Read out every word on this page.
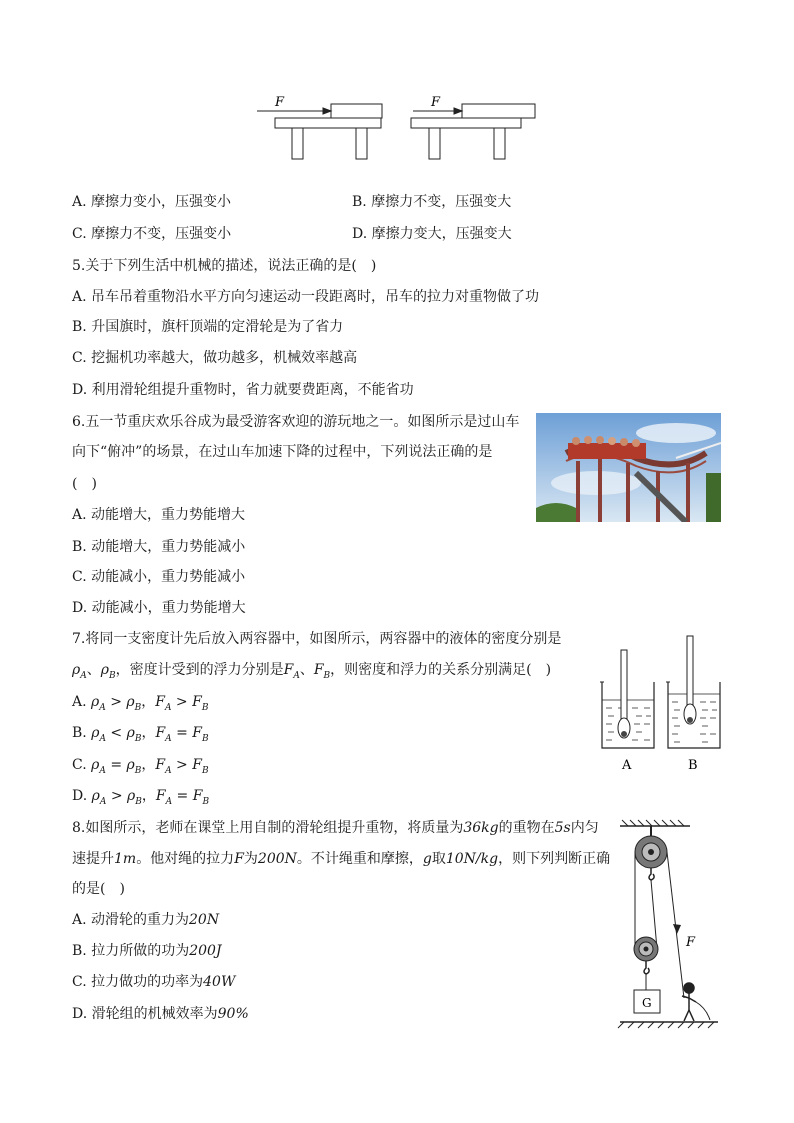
F	F
A. 摩擦力变小，压强变小	B. 摩擦力不变，压强变大
C. 摩擦力不变，压强变小	D. 摩擦力变大，压强变大
5.关于下列生活中机械的描述，说法正确的是(　)
A. 吊车吊着重物沿水平方向匀速运动一段距离时，吊车的拉力对重物做了功
B. 升国旗时，旗杆顶端的定滑轮是为了省力
C. 挖掘机功率越大，做功越多，机械效率越高
D. 利用滑轮组提升重物时，省力就要费距离，不能省功
6.五一节重庆欢乐谷成为最受游客欢迎的游玩地之一。如图所示是过山车
向下“俯冲”的场景，在过山车加速下降的过程中，下列说法正确的是
(　)
A. 动能增大，重力势能增大
B. 动能增大，重力势能减小
C. 动能减小，重力势能减小
D. 动能减小，重力势能增大
7.将同一支密度计先后放入两容器中，如图所示，两容器中的液体的密度分别是
$\rho_A$、$\rho_B$，密度计受到的浮力分别是$F_A$、$F_B$，则密度和浮力的关系分别满足(　)
A. $\rho_A > \rho_B$，$F_A > F_B$
B. $\rho_A < \rho_B$，$F_A = F_B$
C. $\rho_A = \rho_B$，$F_A > F_B$
D. $\rho_A > \rho_B$，$F_A = F_B$
A	B
8.如图所示，老师在课堂上用自制的滑轮组提升重物，将质量为36kg的重物在5s内匀
速提升1m。他对绳的拉力F为200N。不计绳重和摩擦，g取10N/kg，则下列判断正确
的是(　)
A. 动滑轮的重力为20N
B. 拉力所做的功为200J
C. 拉力做功的功率为40W
D. 滑轮组的机械效率为90%
F
G
